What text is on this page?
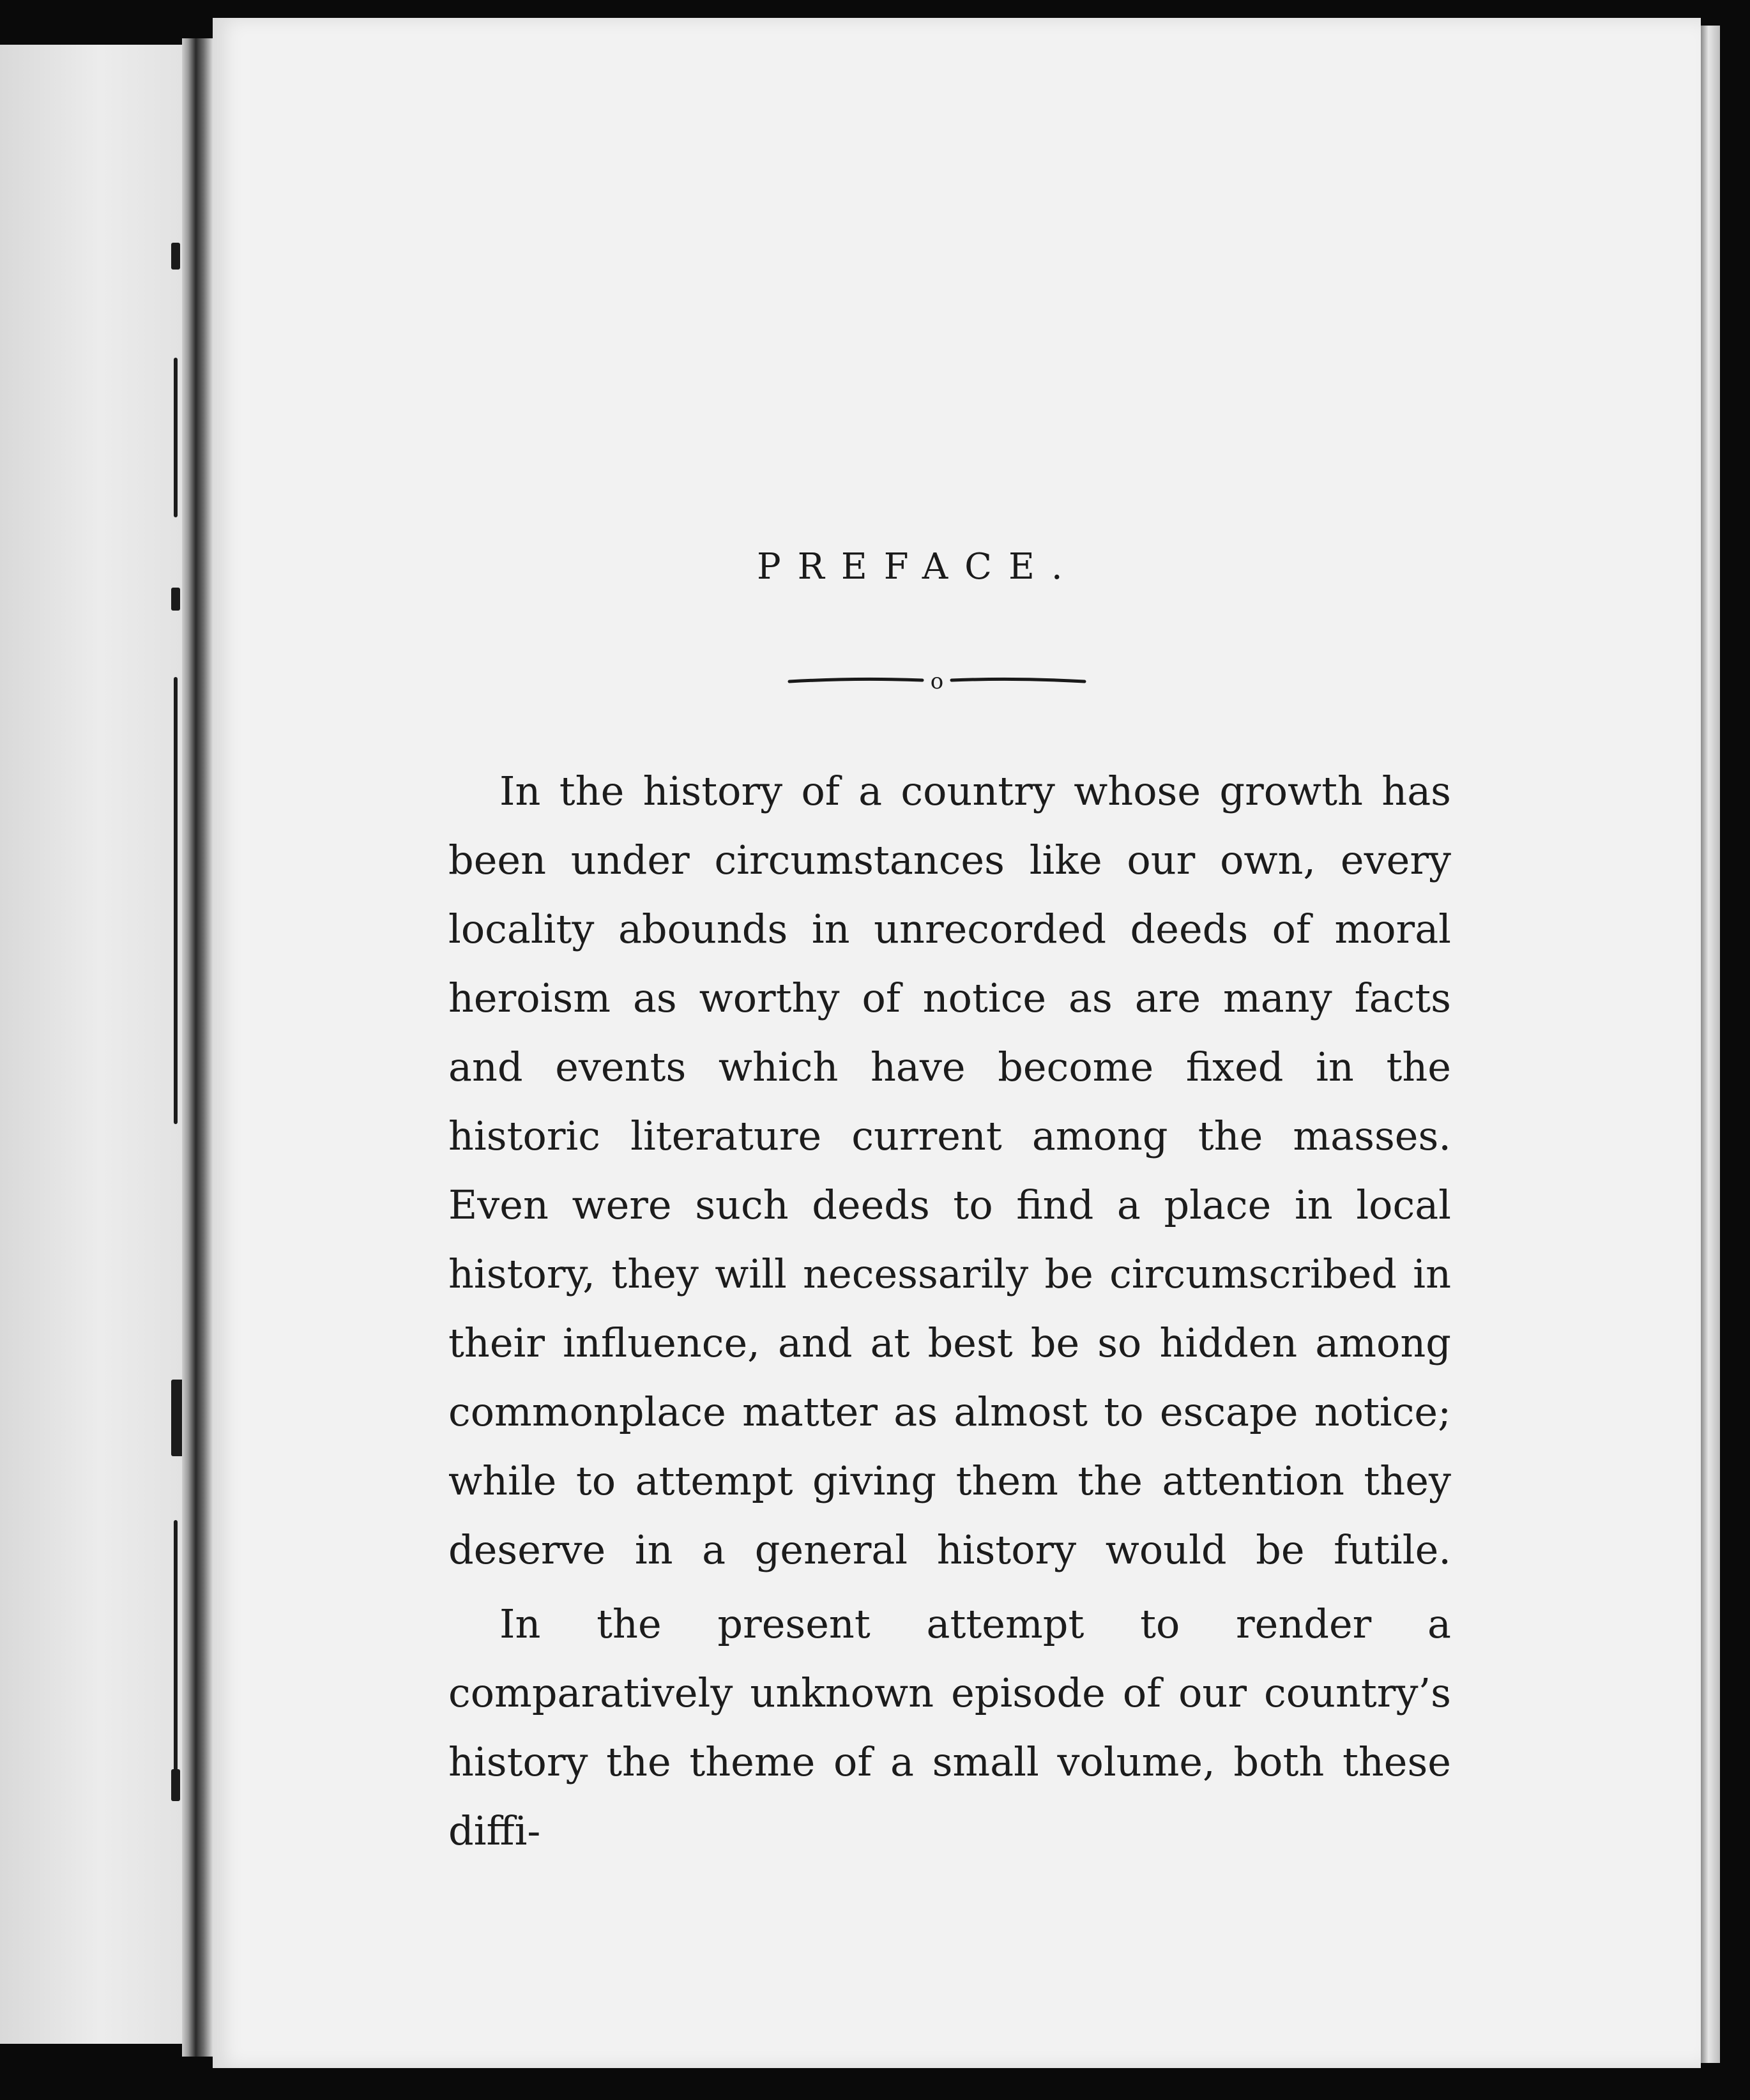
PREFACE.
o

In the history of a country whose growth has been under circumstances like our own, every locality abounds in unrecorded deeds of moral heroism as worthy of notice as are many facts and events which have become fixed in the historic literature current among the masses. Even were such deeds to find a place in local history, they will necessarily be circumscribed in their influence, and at best be so hidden among commonplace matter as almost to escape notice; while to attempt giving them the attention they deserve in a general history would be futile.

In the present attempt to render a comparatively unknown episode of our country’s history the theme of a small volume, both these diffi-
